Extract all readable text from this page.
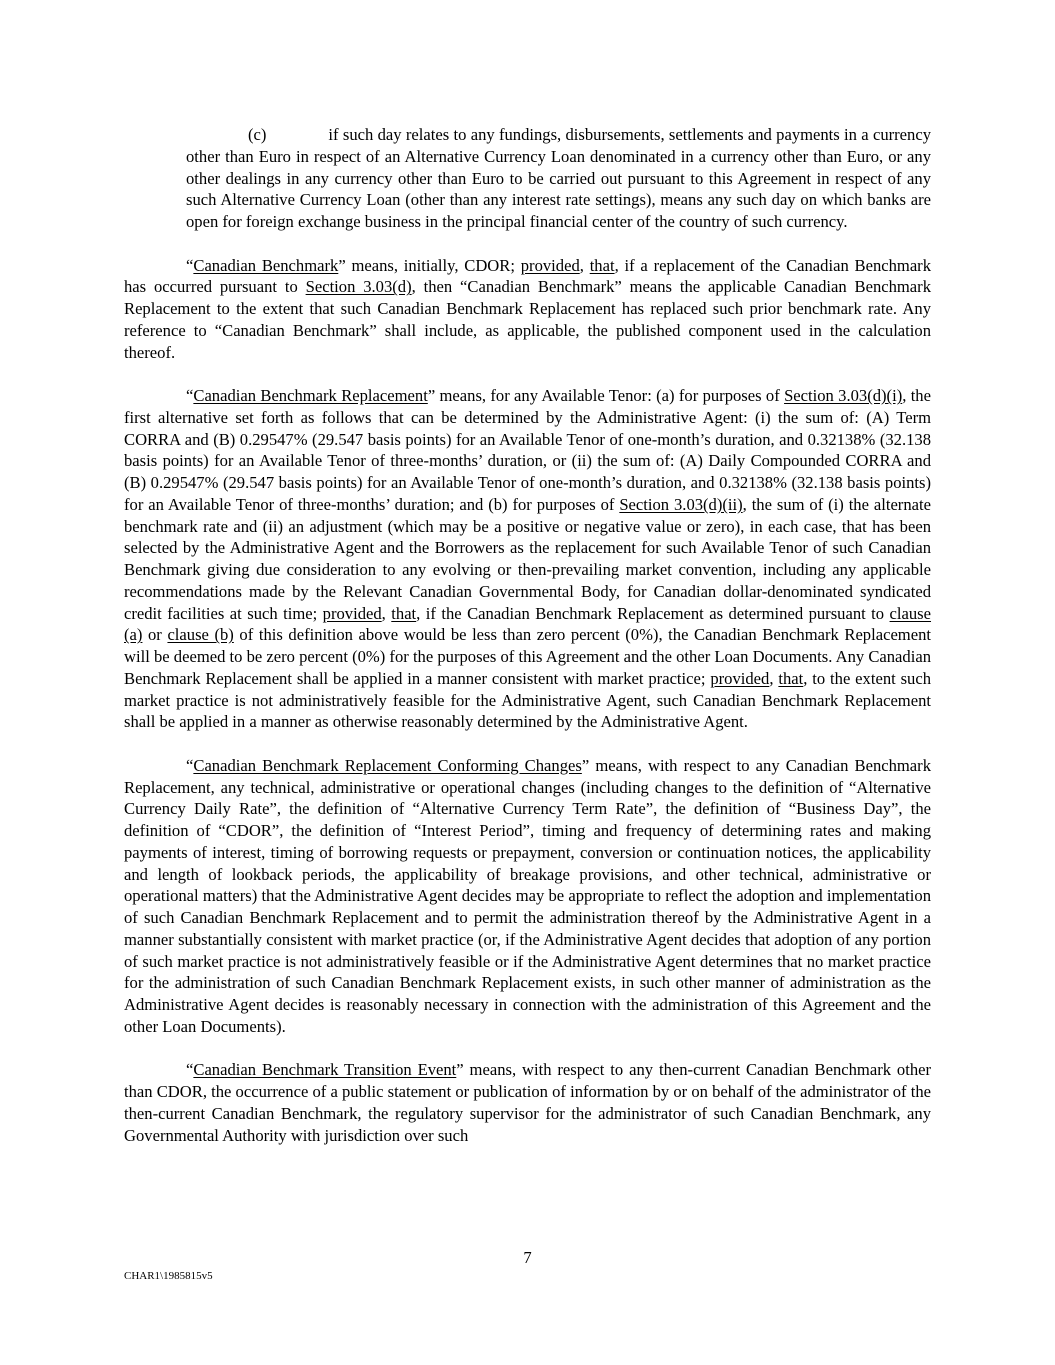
(c)	if such day relates to any fundings, disbursements, settlements and payments in a currency other than Euro in respect of an Alternative Currency Loan denominated in a currency other than Euro, or any other dealings in any currency other than Euro to be carried out pursuant to this Agreement in respect of any such Alternative Currency Loan (other than any interest rate settings), means any such day on which banks are open for foreign exchange business in the principal financial center of the country of such currency.

“Canadian Benchmark” means, initially, CDOR; provided, that, if a replacement of the Canadian Benchmark has occurred pursuant to Section 3.03(d), then “Canadian Benchmark” means the applicable Canadian Benchmark Replacement to the extent that such Canadian Benchmark Replacement has replaced such prior benchmark rate. Any reference to “Canadian Benchmark” shall include, as applicable, the published component used in the calculation thereof.

“Canadian Benchmark Replacement” means, for any Available Tenor: (a) for purposes of Section 3.03(d)(i), the first alternative set forth as follows that can be determined by the Administrative Agent: (i) the sum of: (A) Term CORRA and (B) 0.29547% (29.547 basis points) for an Available Tenor of one-month’s duration, and 0.32138% (32.138 basis points) for an Available Tenor of three-months’ duration, or (ii) the sum of: (A) Daily Compounded CORRA and (B) 0.29547% (29.547 basis points) for an Available Tenor of one-month’s duration, and 0.32138% (32.138 basis points) for an Available Tenor of three-months’ duration; and (b) for purposes of Section 3.03(d)(ii), the sum of (i) the alternate benchmark rate and (ii) an adjustment (which may be a positive or negative value or zero), in each case, that has been selected by the Administrative Agent and the Borrowers as the replacement for such Available Tenor of such Canadian Benchmark giving due consideration to any evolving or then-prevailing market convention, including any applicable recommendations made by the Relevant Canadian Governmental Body, for Canadian dollar-denominated syndicated credit facilities at such time; provided, that, if the Canadian Benchmark Replacement as determined pursuant to clause (a) or clause (b) of this definition above would be less than zero percent (0%), the Canadian Benchmark Replacement will be deemed to be zero percent (0%) for the purposes of this Agreement and the other Loan Documents. Any Canadian Benchmark Replacement shall be applied in a manner consistent with market practice; provided, that, to the extent such market practice is not administratively feasible for the Administrative Agent, such Canadian Benchmark Replacement shall be applied in a manner as otherwise reasonably determined by the Administrative Agent.

“Canadian Benchmark Replacement Conforming Changes” means, with respect to any Canadian Benchmark Replacement, any technical, administrative or operational changes (including changes to the definition of “Alternative Currency Daily Rate”, the definition of “Alternative Currency Term Rate”, the definition of “Business Day”, the definition of “CDOR”, the definition of “Interest Period”, timing and frequency of determining rates and making payments of interest, timing of borrowing requests or prepayment, conversion or continuation notices, the applicability and length of lookback periods, the applicability of breakage provisions, and other technical, administrative or operational matters) that the Administrative Agent decides may be appropriate to reflect the adoption and implementation of such Canadian Benchmark Replacement and to permit the administration thereof by the Administrative Agent in a manner substantially consistent with market practice (or, if the Administrative Agent decides that adoption of any portion of such market practice is not administratively feasible or if the Administrative Agent determines that no market practice for the administration of such Canadian Benchmark Replacement exists, in such other manner of administration as the Administrative Agent decides is reasonably necessary in connection with the administration of this Agreement and the other Loan Documents).

“Canadian Benchmark Transition Event” means, with respect to any then-current Canadian Benchmark other than CDOR, the occurrence of a public statement or publication of information by or on behalf of the administrator of the then-current Canadian Benchmark, the regulatory supervisor for the administrator of such Canadian Benchmark, any Governmental Authority with jurisdiction over such

7
CHAR1\1985815v5
